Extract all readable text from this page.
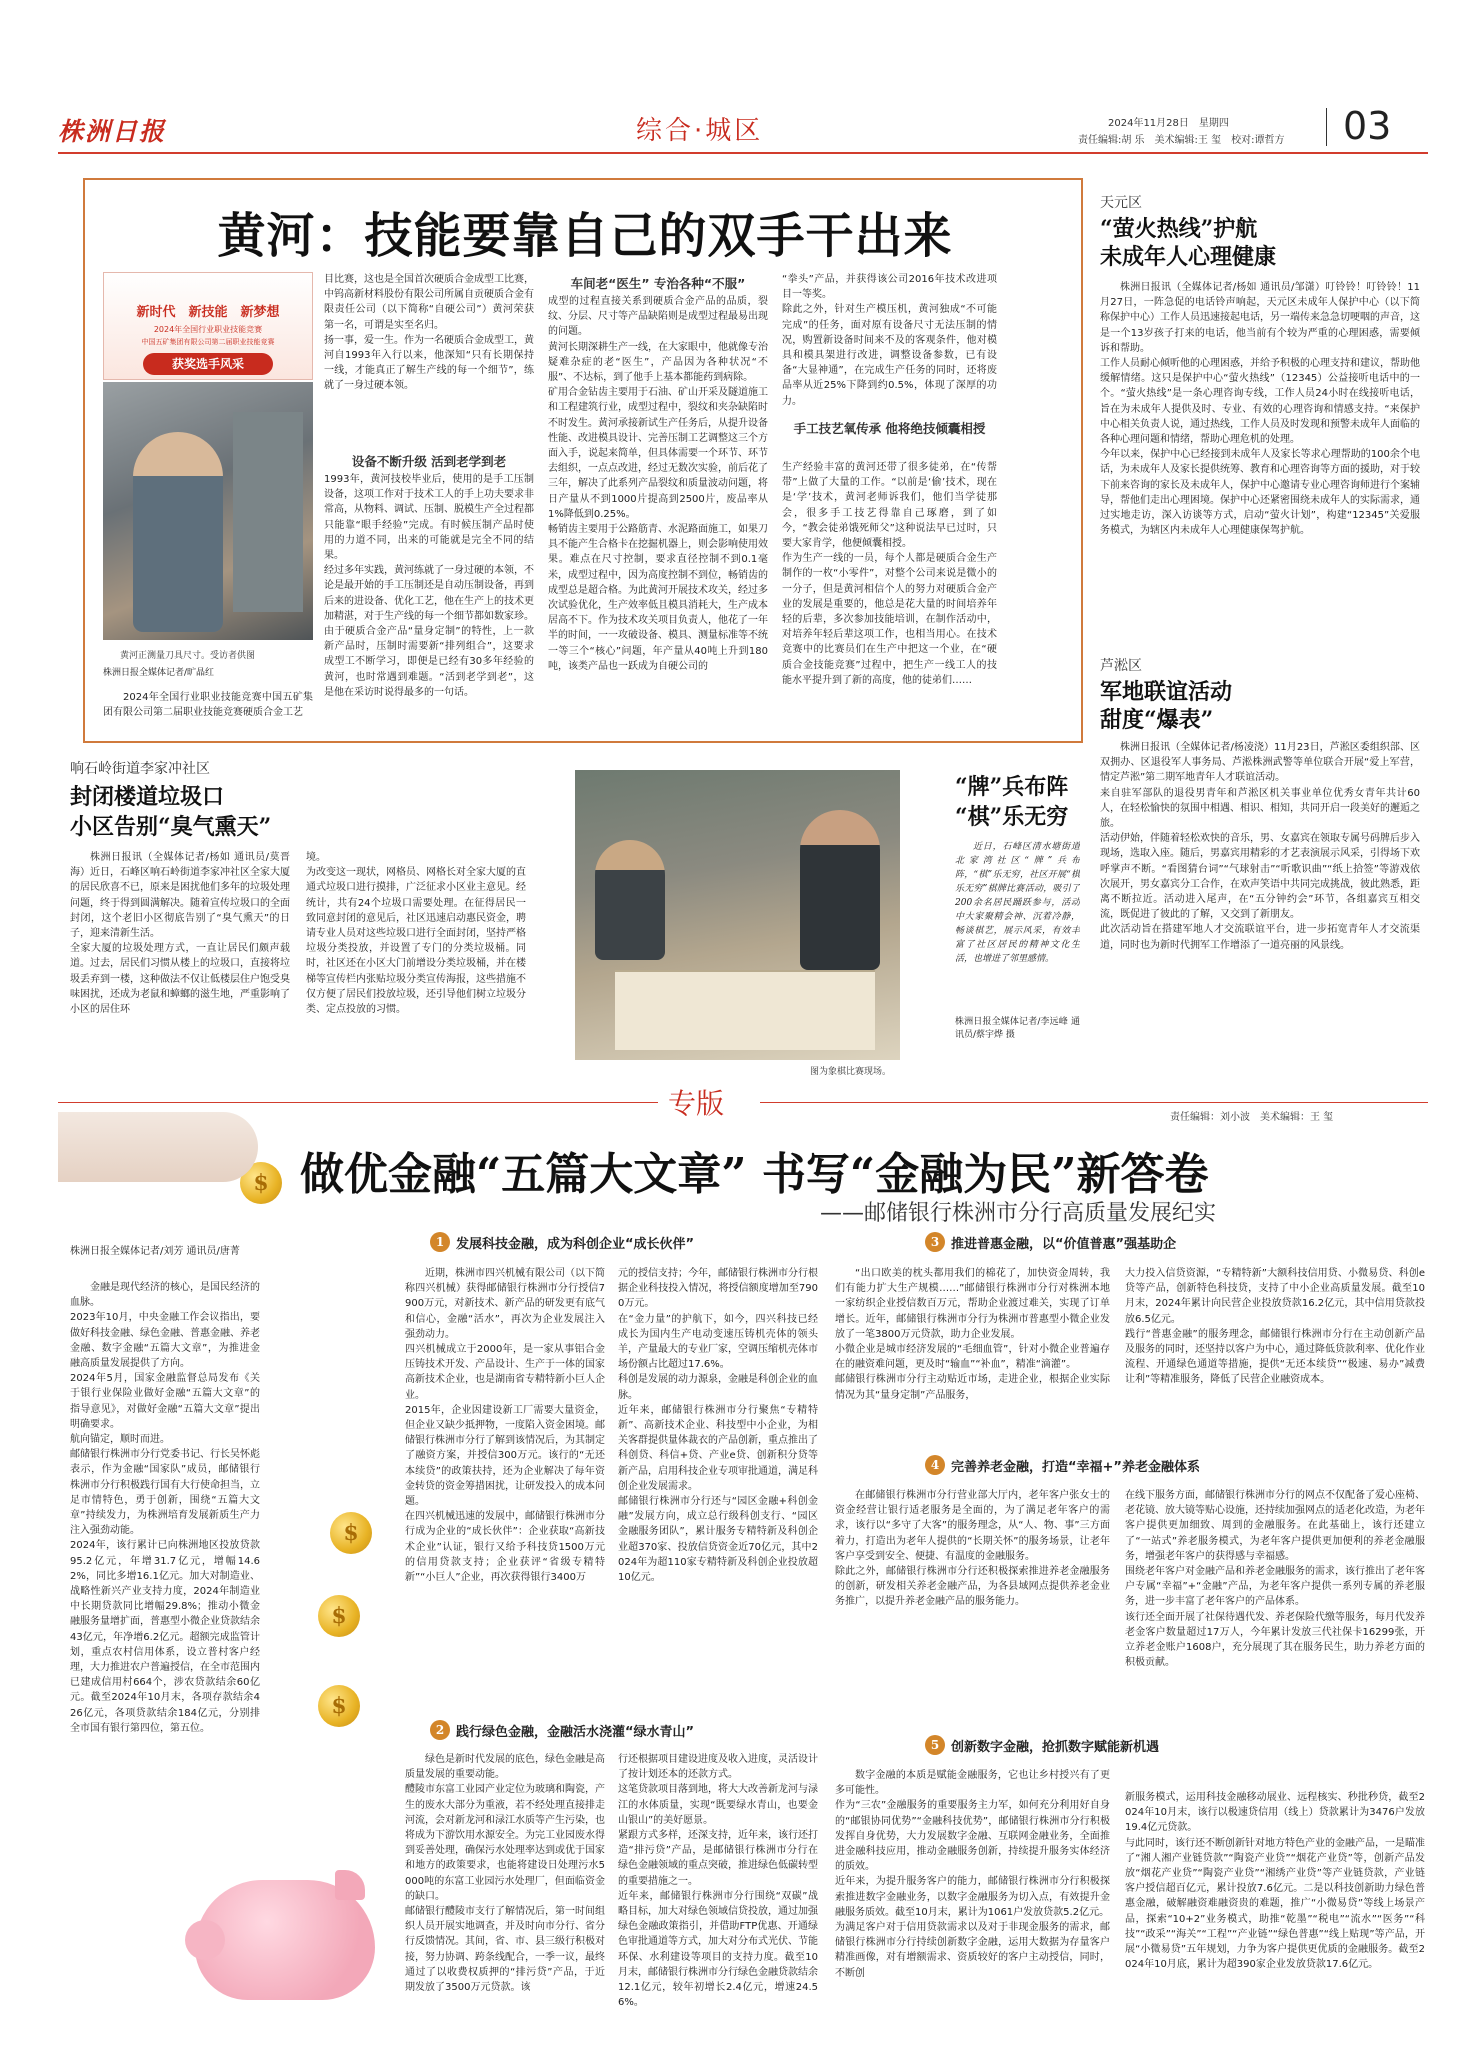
株洲日报	综合·城区	2024年11月28日　星期四
责任编辑:胡 乐　美术编辑:王 玺　校对:谭哲方 03
黄河：技能要靠自己的双手干出来
新时代　新技能　新梦想
2024年全国行业职业技能竞赛
中国五矿集团有限公司第二届职业技能竞赛
获奖选手风采
黄河正测量刀具尺寸。受访者供图
株洲日报全媒体记者/旷晶红
2024年全国行业职业技能竞赛中国五矿集团有限公司第二届职业技能竞赛硬质合金工艺
目比赛，这也是全国首次硬质合金成型工比赛，中钨高新材料股份有限公司所属自贡硬质合金有限责任公司（以下简称“自硬公司”）黄河荣获第一名，可谓是实至名归。
扬一事，爱一生。作为一名硬质合金成型工，黄河自1993年入行以来，他深知“只有长期保持一线，才能真正了解生产线的每一个细节”，练就了一身过硬本领。
设备不断升级 活到老学到老
1993年，黄河技校毕业后，使用的是手工压制设备，这项工作对于技术工人的手上功夫要求非常高，从物料、调试、压制、脱模生产全过程都只能靠“眼手经验”完成。有时候压制产品时使用的力道不同，出来的可能就是完全不同的结果。
经过多年实践，黄河练就了一身过硬的本领，不论是最开始的手工压制还是自动压制设备，再到后来的进设备、优化工艺，他在生产上的技术更加精湛，对于生产线的每一个细节都如数家珍。
由于硬质合金产品“量身定制”的特性，上一款新产品时，压制时需要新“排列组合”，这要求成型工不断学习，即便是已经有30多年经验的黄河，也时常遇到难题。“活到老学到老”，这是他在采访时说得最多的一句话。
车间老“医生” 专治各种“不服”
成型的过程直接关系到硬质合金产品的品质，裂纹、分层、尺寸等产品缺陷则是成型过程最易出现的问题。
黄河长期深耕生产一线，在大家眼中，他就像专治疑难杂症的老“医生”，产品因为各种状况“不服”、不达标，到了他手上基本都能药到病除。
矿用合金钻齿主要用于石油、矿山开采及隧道施工和工程建筑行业，成型过程中，裂纹和夹杂缺陷时不时发生。黄河承接新试生产任务后，从提升设备性能、改进模具设计、完善压制工艺调整这三个方面入手，说起来简单，但具体需要一个环节、环节去组织，一点点改进，经过无数次实验，前后花了三年，解决了此系列产品裂纹和质量波动问题，将日产量从不到1000片提高到2500片，废品率从1%降低到0.25%。
畅销齿主要用于公路筋青、水泥路面施工，如果刀具不能产生合格卡在挖掘机器上，则会影响使用效果。难点在尺寸控制，要求直径控制不到0.1毫米，成型过程中，因为高度控制不到位，畅销齿的成型总是超合格。为此黄河开展技术攻关，经过多次试验优化，生产效率低且模具消耗大，生产成本居高不下。作为技术攻关项目负责人，他花了一年半的时间，一一攻破设备、模具、测量标准等不统一等三个“核心”问题，年产量从40吨上升到180吨，该类产品也一跃成为自硬公司的
“拳头”产品，并获得该公司2016年技术改进项目一等奖。
除此之外，针对生产模压机，黄河独成“不可能完成”的任务，面对原有设备尺寸无法压制的情况，购置新设备时间来不及的客观条件，他对模具和模具架进行改进，调整设备参数，已有设备“大显神通”，在完成生产任务的同时，还将废品率从近25%下降到约0.5%，体现了深厚的功力。
手工技艺氧传承 他将绝技倾囊相授
生产经验丰富的黄河还带了很多徒弟，在“传帮带”上做了大量的工作。“以前是‘偷’技术，现在是‘学’技术，黄河老师诉我们，他们当学徒那会，很多手工技艺得靠自己琢磨，到了如今，“教会徒弟饿死师父”这种说法早已过时，只要大家肯学，他便倾囊相授。
作为生产一线的一员，每个人都是硬质合金生产制作的一枚“小零件”，对整个公司来说是微小的一分子，但是黄河相信个人的努力对硬质合金产业的发展是重要的，他总是花大量的时间培养年轻的后辈，多次参加技能培训，在制作活动中，对培养年轻后辈这项工作，也相当用心。在技术竞赛中的比赛员们在生产中把这一个业，在“硬质合金技能竞赛”过程中，把生产一线工人的技能水平提升到了新的高度，他的徒弟们……
天元区
“萤火热线”护航
未成年人心理健康
株洲日报讯（全媒体记者/杨如 通讯员/邹潇）叮铃铃！叮铃铃！11月27日，一阵急促的电话铃声响起，天元区未成年人保护中心（以下简称保护中心）工作人员迅速接起电话，另一端传来急急切哽咽的声音，这是一个13岁孩子打来的电话，他当前有个较为严重的心理困惑，需要倾诉和帮助。
工作人员耐心倾听他的心理困惑，并给予积极的心理支持和建议，帮助他缓解情绪。这只是保护中心“萤火热线”（12345）公益接听电话中的一个。“萤火热线”是一条心理咨询专线，工作人员24小时在线接听电话，旨在为未成年人提供及时、专业、有效的心理咨询和情感支持。“来保护中心相关负责人说，通过热线，工作人员及时发现和预警未成年人面临的各种心理问题和情绪，帮助心理危机的处理。
今年以来，保护中心已经接到未成年人及家长等求心理帮助的100余个电话，为未成年人及家长提供统筹、教育和心理咨询等方面的援助，对于较下前来咨询的家长及未成年人，保护中心邀请专业心理咨询师进行个案辅导，帮他们走出心理困境。保护中心还紧密围绕未成年人的实际需求，通过实地走访，深入访谈等方式，启动“萤火计划”，构建“12345”关爱服务模式，为辖区内未成年人心理健康保驾护航。
芦淞区
军地联谊活动
甜度“爆表”
株洲日报讯（全媒体记者/杨凌浇）11月23日，芦淞区委组织部、区双拥办、区退役军人事务局、芦淞株洲武警等单位联合开展“爱上军营，情定芦淞”第二期军地青年人才联谊活动。
来自驻军部队的退役男青年和芦淞区机关事业单位优秀女青年共计60人，在轻松愉快的氛围中相遇、相识、相知，共同开启一段美好的邂逅之旅。
活动伊始，伴随着轻松欢快的音乐，男、女嘉宾在领取专属号码牌后步入现场，选取入座。随后，男嘉宾用精彩的才艺表演展示风采，引得场下欢呼掌声不断。“看图猜台词”“气球射击”“听歌识曲”“纸上拾签”等游戏依次展开，男女嘉宾分工合作，在欢声笑语中共同完成挑战，彼此熟悉，距离不断拉近。活动进入尾声，在“五分钟约会”环节，各组嘉宾互相交流，既促进了彼此的了解，又交到了新朋友。
此次活动旨在搭建军地人才交流联谊平台，进一步拓宽青年人才交流渠道，同时也为新时代拥军工作增添了一道亮丽的风景线。
响石岭街道李家冲社区
封闭楼道垃圾口
小区告别“臭气熏天”
株洲日报讯（全媒体记者/杨如 通讯员/莫晋海）近日，石峰区响石岭街道李家冲社区全家大厦的居民欣喜不已，原来是困扰他们多年的垃圾处理问题，终于得到圆满解决。随着宣传垃圾口的全面封闭，这个老旧小区彻底告别了“臭气熏天”的日子，迎来清新生活。
全家大厦的垃圾处理方式，一直让居民们颇声载道。过去，居民们习惯从楼上的垃圾口，直接将垃圾丢弃到一楼，这种做法不仅让低楼层住户饱受臭味困扰，还成为老鼠和蟑螂的滋生地，严重影响了小区的居住环
境。
为改变这一现状，网格员、网格长对全家大厦的直通式垃圾口进行摸排，广泛征求小区业主意见。经统计，共有24个垃圾口需要处理。在征得居民一致同意封闭的意见后，社区迅速启动惠民资金，聘请专业人员对这些垃圾口进行全面封闭，坚持严格垃圾分类投放，并设置了专门的分类垃圾桶。同时，社区还在小区大门前增设分类垃圾桶，并在楼梯等宣传栏内张贴垃圾分类宣传海报，这些措施不仅方便了居民们投放垃圾，还引导他们树立垃圾分类、定点投放的习惯。
图为象棋比赛现场。
“牌”兵布阵
“棋”乐无穷
近日，石峰区清水塘街道北家湾社区“牌”兵布阵，“棋”乐无穷，社区开展“棋乐无穷”棋牌比赛活动，吸引了200余名居民踊跃参与，活动中大家聚精会神、沉着冷静，畅谈棋艺，展示风采，有效丰富了社区居民的精神文化生活，也增进了邻里感情。
株洲日报全媒体记者/李远峰 通讯员/蔡宇烨 摄
专版	责任编辑：刘小波　美术编辑：王 玺
$
$
$
$
做优金融“五篇大文章” 书写“金融为民”新答卷
——邮储银行株洲市分行高质量发展纪实
株洲日报全媒体记者/刘芳 通讯员/唐菁
金融是现代经济的核心，是国民经济的血脉。
2023年10月，中央金融工作会议指出，要做好科技金融、绿色金融、普惠金融、养老金融、数字金融“五篇大文章”，为推进金融高质量发展提供了方向。
2024年5月，国家金融监督总局发布《关于银行业保险业做好金融“五篇大文章”的指导意见》，对做好金融“五篇大文章”提出明确要求。
航向锚定，顺时而进。
邮储银行株洲市分行党委书记、行长吴怀彪表示，作为金融“国家队”成员，邮储银行株洲市分行积极践行国有大行使命担当，立足市情特色，勇于创新，围绕“五篇大文章”持续发力，为株洲培育发展新质生产力注入强劲动能。
2024年，该行累计已向株洲地区投放贷款95.2亿元，年增31.7亿元，增幅14.62%，同比多增16.1亿元。加大对制造业、战略性新兴产业支持力度，2024年制造业中长期贷款同比增幅29.8%；推动小微金融服务量增扩面，普惠型小微企业贷款结余43亿元，年净增6.2亿元。超额完成监管计划，重点农村信用体系，设立普村客户经理，大力推进农户普遍授信，在全市范围内已建成信用村664个，涉农贷款结余60亿元。截至2024年10月末，各项存款结余426亿元，各项贷款结余184亿元，分别排全市国有银行第四位，第五位。
1 发展科技金融，成为科创企业“成长伙伴”
近期，株洲市四兴机械有限公司（以下简称四兴机械）获得邮储银行株洲市分行授信7900万元，对新技术、新产品的研发更有底气和信心，金融“活水”，再次为企业发展注入强劲动力。
四兴机械成立于2000年，是一家从事铝合金压铸技术开发、产品设计、生产于一体的国家高新技术企业，也是湖南省专精特新小巨人企业。
2015年，企业因建设新工厂需要大量资金，但企业又缺少抵押物，一度陷入资金困境。邮储银行株洲市分行了解到该情况后，为其制定了融资方案，并授信300万元。该行的“无还本续贷”的政策扶持，还为企业解决了每年资金转贷的资金筹措困扰，让研发投入的成本问题。
在四兴机械迅速的发展中，邮储银行株洲市分行成为企业的“成长伙伴”：企业获取“高新技术企业”认证，银行又给予科技贷1500万元的信用贷款支持；企业获评“省级专精特新”“小巨人”企业，再次获得银行3400万
元的授信支持；今年，邮储银行株洲市分行根据企业科技投入情况，将授信额度增加至7900万元。
在“金力量”的护航下，如今，四兴科技已经成长为国内生产电动变速压铸机壳体的领头羊，产量最大的专业厂家，空调压缩机壳体市场份额占比超过17.6%。
科创是发展的动力源泉，金融是科创企业的血脉。
近年来，邮储银行株洲市分行聚焦“专精特新”、高新技术企业、科技型中小企业，为相关客群提供量体裁衣的产品创新，重点推出了科创贷、科信+贷、产业e贷、创新积分贷等新产品，启用科技企业专项审批通道，满足科创企业发展需求。
邮储银行株洲市分行还与“园区金融+科创金融”发展方向，成立总行级科创支行、“园区金融服务团队”，累计服务专精特新及科创企业超370家、投放信贷资金近70亿元，其中2024年为超110家专精特新及科创企业投放超10亿元。
2 践行绿色金融，金融活水浇灌“绿水青山”
绿色是新时代发展的底色，绿色金融是高质量发展的重要动能。
醴陵市东富工业园产业定位为玻璃和陶瓷，产生的废水大部分为重液，若不经处理直接排走河流，会对新龙河和渌江水质等产生污染，也将成为下游饮用水源安全。为完工业园废水得到妥善处理，确保污水处理率达到或优于国家和地方的政策要求，也能将建设日处理污水5000吨的东富工业园污水处理厂，但面临资金的缺口。
邮储银行醴陵市支行了解情况后，第一时间组织人员开展实地调查，并及时向市分行、省分行反馈情况。其间，省、市、县三级行积极对接，努力协调、跨条线配合，一季一议，最终通过了以收费权质押的“排污贷”产品，于近期发放了3500万元贷款。该
行还根据项目建设进度及收入进度，灵活设计了按计划还本的还款方式。
这笔贷款项目落到地，将大大改善新龙河与渌江的水体质量，实现“既要绿水青山，也要金山银山”的美好愿景。
紧跟方式多样，还深支持，近年来，该行还打造“排污贷”产品，是邮储银行株洲市分行在绿色金融领域的重点突破，推进绿色低碳转型的重要措施之一。
近年来，邮储银行株洲市分行围绕“双碳”战略目标，加大对绿色领域信贷投放，通过加强绿色金融政策指引，并借助FTP优惠、开通绿色审批通道等方式，加大对分布式光伏、节能环保、水利建设等项目的支持力度。截至10月末，邮储银行株洲市分行绿色金融贷款结余12.1亿元，较年初增长2.4亿元，增速24.56%。
3 推进普惠金融，以“价值普惠”强基助企
“出口欧美的枕头都用我们的棉花了，加快资金周转，我们有能力扩大生产规模……”邮储银行株洲市分行对株洲本地一家纺织企业授信数百万元，帮助企业渡过难关，实现了订单增长。近年，邮储银行株洲市分行为株洲市普惠型小微企业发放了一笔3800万元贷款，助力企业发展。
小微企业是城市经济发展的“毛细血管”，针对小微企业普遍存在的融资难问题，更及时“输血”“补血”，精准“滴灌”。
邮储银行株洲市分行主动贴近市场，走进企业，根据企业实际情况为其“量身定制”产品服务，
大力投入信贷资源，“专精特新”大额科技信用贷、小微易贷、科创e贷等产品，创新特色科技贷，支持了中小企业高质量发展。截至10月末，2024年累计向民营企业投放贷款16.2亿元，其中信用贷款投放6.5亿元。
践行“普惠金融”的服务理念，邮储银行株洲市分行在主动创新产品及服务的同时，还坚持以客户为中心，通过降低贷款利率、优化作业流程、开通绿色通道等措施，提供“无还本续贷”“极速、易办”减费让利”等精准服务，降低了民营企业融资成本。
4 完善养老金融，打造“幸福+”养老金融体系
在邮储银行株洲市分行营业部大厅内，老年客户张女士的资金经营让银行适老服务是全面的，为了满足老年客户的需求，该行以“多守了大客”的服务理念，从“人、物、事”三方面着力，打造出为老年人提供的“长期关怀”的服务场景，让老年客户享受到安全、便捷、有温度的金融服务。
除此之外，邮储银行株洲市分行还积极探索推进养老金融服务的创新，研发相关养老金融产品，为各县域网点提供养老金业务推广，以提升养老金融产品的服务能力。
在线下服务方面，邮储银行株洲市分行的网点不仅配备了爱心座椅、老花镜、放大镜等贴心设施，还持续加强网点的适老化改造，为老年客户提供更加细致、周到的金融服务。在此基础上，该行还建立了“一站式”养老服务模式，为老年客户提供更加便利的养老金融服务，增强老年客户的获得感与幸福感。
围绕老年客户对金融产品和养老金融服务的需求，该行推出了老年客户专属“幸福”+“金融”产品，为老年客户提供一系列专属的养老服务，进一步丰富了老年客户的产品体系。
该行还全面开展了社保待遇代发、养老保险代缴等服务，每月代发养老金客户数量超过17万人，今年累计发放三代社保卡16299张，开立养老金账户1608户，充分展现了其在服务民生，助力养老方面的积极贡献。
5 创新数字金融，抢抓数字赋能新机遇
数字金融的本质是赋能金融服务，它也让乡村授兴有了更多可能性。
作为“三农”金融服务的重要服务主力军，如何充分利用好自身的“邮银协同优势”“金融科技优势”，邮储银行株洲市分行积极发挥自身优势，大力发展数字金融、互联网金融业务，全面推进金融科技应用，推动金融服务创新，持续提升服务实体经济的质效。
近年来，为提升服务客户的能力，邮储银行株洲市分行积极探索推进数字金融业务，以数字金融服务为切入点，有效提升金融服务质效。截至10月末，累计为1061户发放贷款5.2亿元。
为满足客户对于信用贷款需求以及对于非现金服务的需求，邮储银行株洲市分行持续创新数字金融，运用大数据为存量客户精准画像，对有增额需求、资质较好的客户主动授信，同时，不断创
新服务模式，运用科技金融移动展业、远程核实、秒批秒贷，截至2024年10月末，该行以极速贷信用（线上）贷款累计为3476户发放19.4亿元贷款。
与此同时，该行还不断创新针对地方特色产业的金融产品，一是瞄准了“湘人湘产业链贷款”“陶瓷产业贷”“烟花产业贷”等，创新产品发放“烟花产业贷”“陶瓷产业贷”“湘绣产业贷”等产业链贷款，产业链客户授信超百亿元，累计投放7.6亿元。二是以科技创新助力绿色普惠金融，破解融资难融资贵的难题，推广“小微易贷”等线上场景产品，探索“10+2”业务模式，助推“乾墨”“税电”“流水”“医务”“科技”“政采”“海关”“工程”“产业链”“绿色普惠”“线上贴现”等产品，开展“小微易贷”五年规划，力争为客户提供更优质的金融服务。截至2024年10月底，累计为超390家企业发放贷款17.6亿元。
